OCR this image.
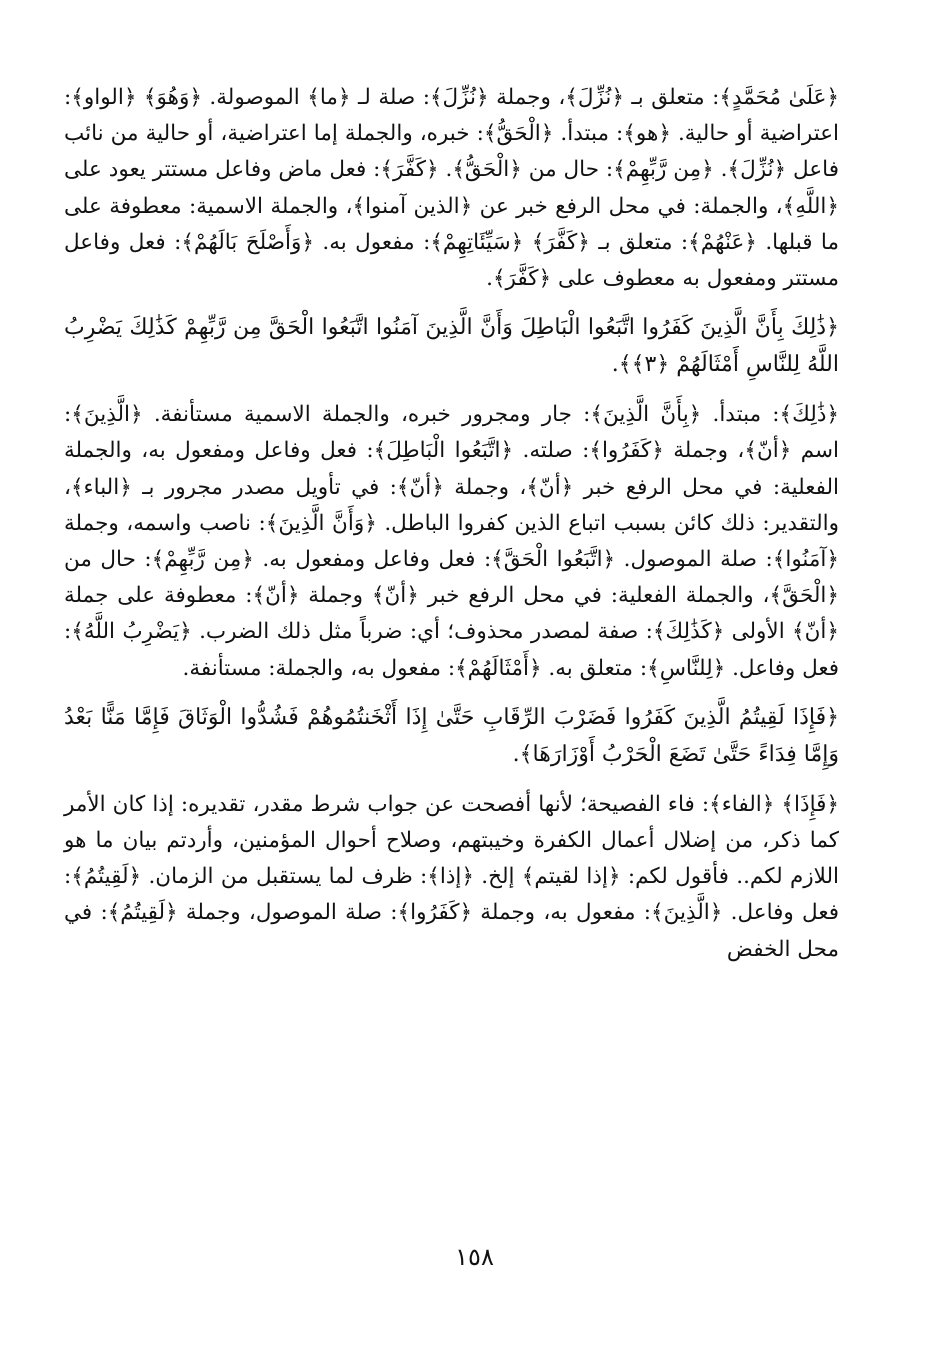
﴿عَلَىٰ مُحَمَّدٍ﴾: متعلق بـ ﴿نُزِّلَ﴾، وجملة ﴿نُزِّلَ﴾: صلة لـ ﴿ما﴾ الموصولة. ﴿وَهُوَ﴾ ﴿الواو﴾: اعتراضية أو حالية. ﴿هو﴾: مبتدأ. ﴿الْحَقُّ﴾: خبره، والجملة إما اعتراضية، أو حالية من نائب فاعل ﴿نُزِّلَ﴾. ﴿مِن رَّبِّهِمْ﴾: حال من ﴿الْحَقُّ﴾. ﴿كَفَّرَ﴾: فعل ماض وفاعل مستتر يعود على ﴿اللَّهِ﴾، والجملة: في محل الرفع خبر عن ﴿الذين آمنوا﴾، والجملة الاسمية: معطوفة على ما قبلها. ﴿عَنْهُمْ﴾: متعلق بـ ﴿كَفَّرَ﴾ ﴿سَيِّئَاتِهِمْ﴾: مفعول به. ﴿وَأَصْلَحَ بَالَهُمْ﴾: فعل وفاعل مستتر ومفعول به معطوف على ﴿كَفَّرَ﴾.

﴿ذَٰلِكَ بِأَنَّ الَّذِينَ كَفَرُوا اتَّبَعُوا الْبَاطِلَ وَأَنَّ الَّذِينَ آمَنُوا اتَّبَعُوا الْحَقَّ مِن رَّبِّهِمْ كَذَٰلِكَ يَضْرِبُ اللَّهُ لِلنَّاسِ أَمْثَالَهُمْ ﴿٣﴾﴾.

﴿ذَٰلِكَ﴾: مبتدأ. ﴿بِأَنَّ الَّذِينَ﴾: جار ومجرور خبره، والجملة الاسمية مستأنفة. ﴿الَّذِينَ﴾: اسم ﴿أنّ﴾، وجملة ﴿كَفَرُوا﴾: صلته. ﴿اتَّبَعُوا الْبَاطِلَ﴾: فعل وفاعل ومفعول به، والجملة الفعلية: في محل الرفع خبر ﴿أنّ﴾، وجملة ﴿أنّ﴾: في تأويل مصدر مجرور بـ ﴿الباء﴾، والتقدير: ذلك كائن بسبب اتباع الذين كفروا الباطل. ﴿وَأَنَّ الَّذِينَ﴾: ناصب واسمه، وجملة ﴿آمَنُوا﴾: صلة الموصول. ﴿اتَّبَعُوا الْحَقَّ﴾: فعل وفاعل ومفعول به. ﴿مِن رَّبِّهِمْ﴾: حال من ﴿الْحَقَّ﴾، والجملة الفعلية: في محل الرفع خبر ﴿أنّ﴾ وجملة ﴿أنّ﴾: معطوفة على جملة ﴿أنّ﴾ الأولى ﴿كَذَٰلِكَ﴾: صفة لمصدر محذوف؛ أي: ضرباً مثل ذلك الضرب. ﴿يَضْرِبُ اللَّهُ﴾: فعل وفاعل. ﴿لِلنَّاسِ﴾: متعلق به. ﴿أَمْثَالَهُمْ﴾: مفعول به، والجملة: مستأنفة.

﴿فَإِذَا لَقِيتُمُ الَّذِينَ كَفَرُوا فَضَرْبَ الرِّقَابِ حَتَّىٰ إِذَا أَثْخَنتُمُوهُمْ فَشُدُّوا الْوَثَاقَ فَإِمَّا مَنًّا بَعْدُ وَإِمَّا فِدَاءً حَتَّىٰ تَضَعَ الْحَرْبُ أَوْزَارَهَا﴾.

﴿فَإِذَا﴾ ﴿الفاء﴾: فاء الفصيحة؛ لأنها أفصحت عن جواب شرط مقدر، تقديره: إذا كان الأمر كما ذكر، من إضلال أعمال الكفرة وخيبتهم، وصلاح أحوال المؤمنين، وأردتم بيان ما هو اللازم لكم.. فأقول لكم: ﴿إذا لقيتم﴾ إلخ. ﴿إذا﴾: ظرف لما يستقبل من الزمان. ﴿لَقِيتُمُ﴾: فعل وفاعل. ﴿الَّذِينَ﴾: مفعول به، وجملة ﴿كَفَرُوا﴾: صلة الموصول، وجملة ﴿لَقِيتُمُ﴾: في محل الخفض

١٥٨
